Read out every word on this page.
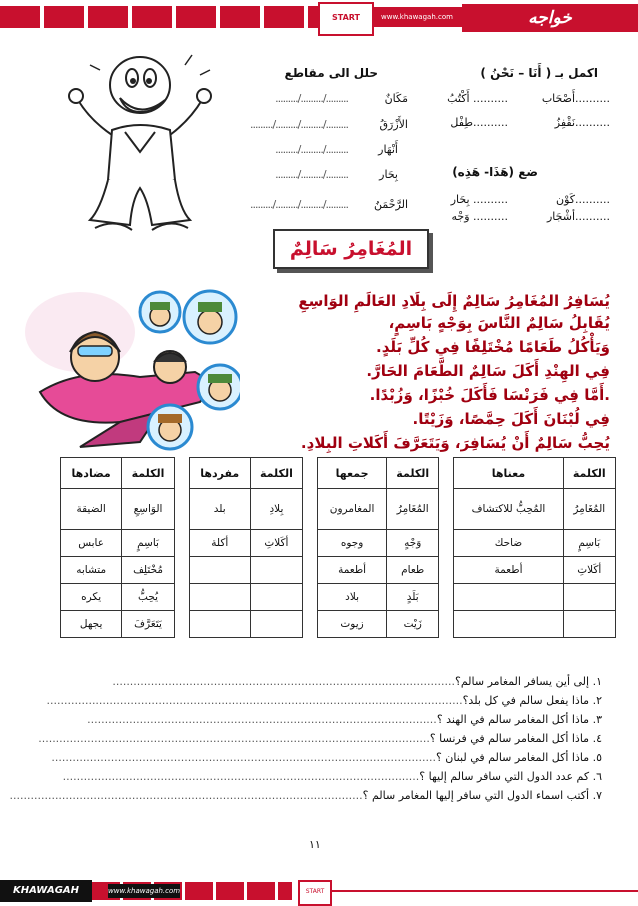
START	www.khawagah.com	خواجه
اكمل بـ ( أَنَا – نَحْنُ )
..........أَصْحَاب
.......... أَكْتُبُ
..........نَقْفِزُ
..........طِفْل
حلل الى مقاطع
مَكَانٌ
........./........./.........
الأَزْرَقُ
........./........./........./.........
أَنْهَار
........./........./.........
بِحَار
........./........./.........
الرَّحْمَنُ
........./........./........./.........
ضع (هَذَا- هَذِه)
..........كَوْن
.......... بِحَار
..........أشْجَار
.......... وَجْه
المُغَامِرُ سَالِمٌ
يُسَافِرُ المُغَامِرُ سَالِمٌ إِلَى بِلَادِ العَالَمِ الوَاسِعِ
يُقَابِلُ سَالِمٌ النَّاسَ بِوَجْهٍ بَاسِمٍ،
وَيَأْكُلُ طَعَامًا مُخْتَلِفًا فِي كُلِّ بَلَدٍ.
فِي الهِنْدِ أَكَلَ سَالِمٌ الطَّعَامَ الحَارَّ.
.أَمَّا فِي فَرَنْسَا فَأَكَلَ خُبْزًا، وَزُبْدًا.
فِي لُبْنَانَ أَكَلَ حِمَّصًا، وَزَيْتًا.
يُحِبُّ سَالِمٌ أَنْ يُسَافِرَ، وَيَتَعَرَّفَ أَكَلاتِ البِلادِ.
الكلمة	معناها		الكلمة	جمعها		الكلمة	مفردها		الكلمة	مضادها
المُغَامِرُ	المُحِبُّ للاكتشاف		المُغَامِرُ	المغامرون		بِلادِ	بلد		الوَاسِعِ	الضيقة
بَاسِمٍ	ضاحك		وَجْهٍ	وجوه		أكَلاتِ	أكلة		بَاسِمٍ	عابس
أكَلاتِ	أطعمة		طعام	أطعمة					مُخْتَلِف	متشابه
			بَلَدٍ	بلاد					يُحِبُّ	يكره
			زَيْت	زيوت					يَتَعَرَّفَ	يجهل
١. إلى أين يسافر المغامر سالم؟..................................................................................................
٢. ماذا يفعل سالم في كل بلد؟.......................................................................................................................
٣. ماذا أكل المغامر سالم في الهند ؟....................................................................................................
٤. ماذا أكل المغامر سالم في فرنسا ؟................................................................................................................
٥. ماذا أكل المغامر سالم في لبنان ؟..............................................................................................................
٦. كم عدد الدول التي سافر سالم إليها ؟......................................................................................................
٧. أكتب اسماء الدول التي سافر إليها المغامر سالم ؟.....................................................................................................
١١
KHAWAGAH	www.khawagah.com	START
